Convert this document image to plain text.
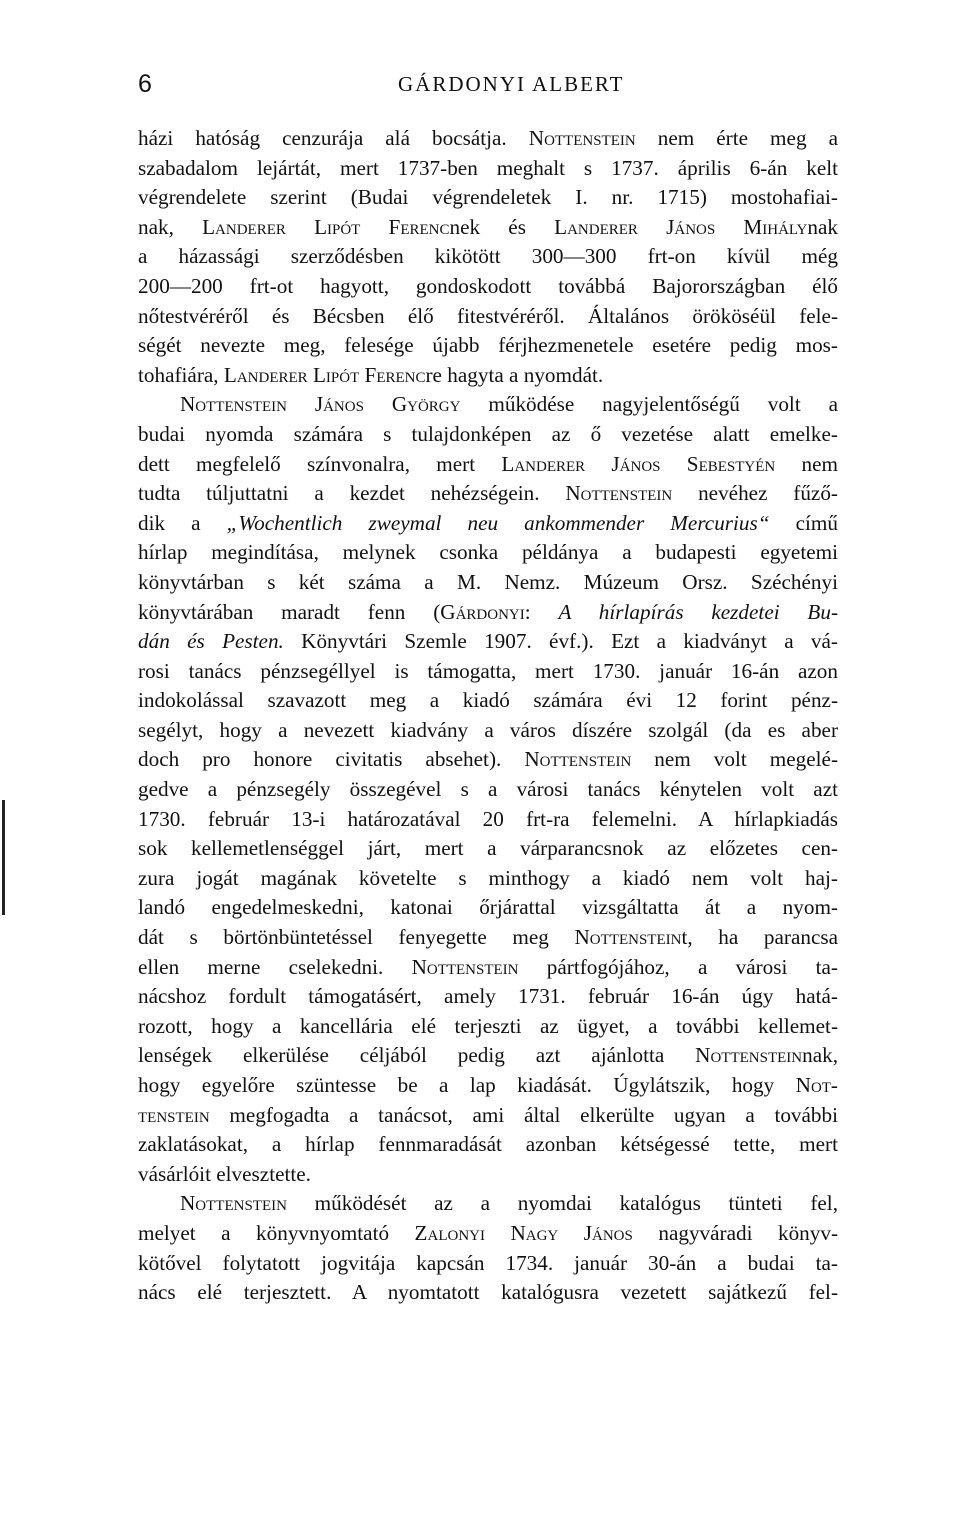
6	GÁRDONYI ALBERT
házi hatóság cenzurája alá bocsátja. Nottenstein nem érte meg a
szabadalom lejártát, mert 1737-ben meghalt s 1737. április 6-án kelt
végrendelete szerint (Budai végrendeletek I. nr. 1715) mostohafiai-
nak, Landerer Lipót Ferencnek és Landerer János Mihálynak
a házassági szerződésben kikötött 300—300 frt-on kívül még
200—200 frt-ot hagyott, gondoskodott továbbá Bajorországban élő
nőtestvéréről és Bécsben élő fitestvéréről. Általános örököséül fele-
ségét nevezte meg, felesége újabb férjhezmenetele esetére pedig mos-
tohafiára, Landerer Lipót Ferencre hagyta a nyomdát.
Nottenstein János György működése nagyjelentőségű volt a
budai nyomda számára s tulajdonképen az ő vezetése alatt emelke-
dett megfelelő színvonalra, mert Landerer János Sebestyén nem
tudta túljuttatni a kezdet nehézségein. Nottenstein nevéhez fűző-
dik a „Wochentlich zweymal neu ankommender Mercurius“ című
hírlap megindítása, melynek csonka példánya a budapesti egyetemi
könyvtárban s két száma a M. Nemz. Múzeum Orsz. Széchényi
könyvtárában maradt fenn (Gárdonyi: A hírlapírás kezdetei Bu-
dán és Pesten. Könyvtári Szemle 1907. évf.). Ezt a kiadványt a vá-
rosi tanács pénzsegéllyel is támogatta, mert 1730. január 16-án azon
indokolással szavazott meg a kiadó számára évi 12 forint pénz-
segélyt, hogy a nevezett kiadvány a város díszére szolgál (da es aber
doch pro honore civitatis absehet). Nottenstein nem volt megelé-
gedve a pénzsegély összegével s a városi tanács kénytelen volt azt
1730. február 13-i határozatával 20 frt-ra felemelni. A hírlapkiadás
sok kellemetlenséggel járt, mert a várparancsnok az előzetes cen-
zura jogát magának követelte s minthogy a kiadó nem volt haj-
landó engedelmeskedni, katonai őrjárattal vizsgáltatta át a nyom-
dát s börtönbüntetéssel fenyegette meg Nottensteint, ha parancsa
ellen merne cselekedni. Nottenstein pártfogójához, a városi ta-
nácshoz fordult támogatásért, amely 1731. február 16-án úgy hatá-
rozott, hogy a kancellária elé terjeszti az ügyet, a további kellemet-
lenségek elkerülése céljából pedig azt ajánlotta Nottensteinnak,
hogy egyelőre szüntesse be a lap kiadását. Úgylátszik, hogy Not-
tenstein megfogadta a tanácsot, ami által elkerülte ugyan a további
zaklatásokat, a hírlap fennmaradását azonban kétségessé tette, mert
vásárlóit elvesztette.
Nottenstein működését az a nyomdai katalógus tünteti fel,
melyet a könyvnyomtató Zalonyi Nagy János nagyváradi könyv-
kötővel folytatott jogvitája kapcsán 1734. január 30-án a budai ta-
nács elé terjesztett. A nyomtatott katalógusra vezetett sajátkezű fel-
